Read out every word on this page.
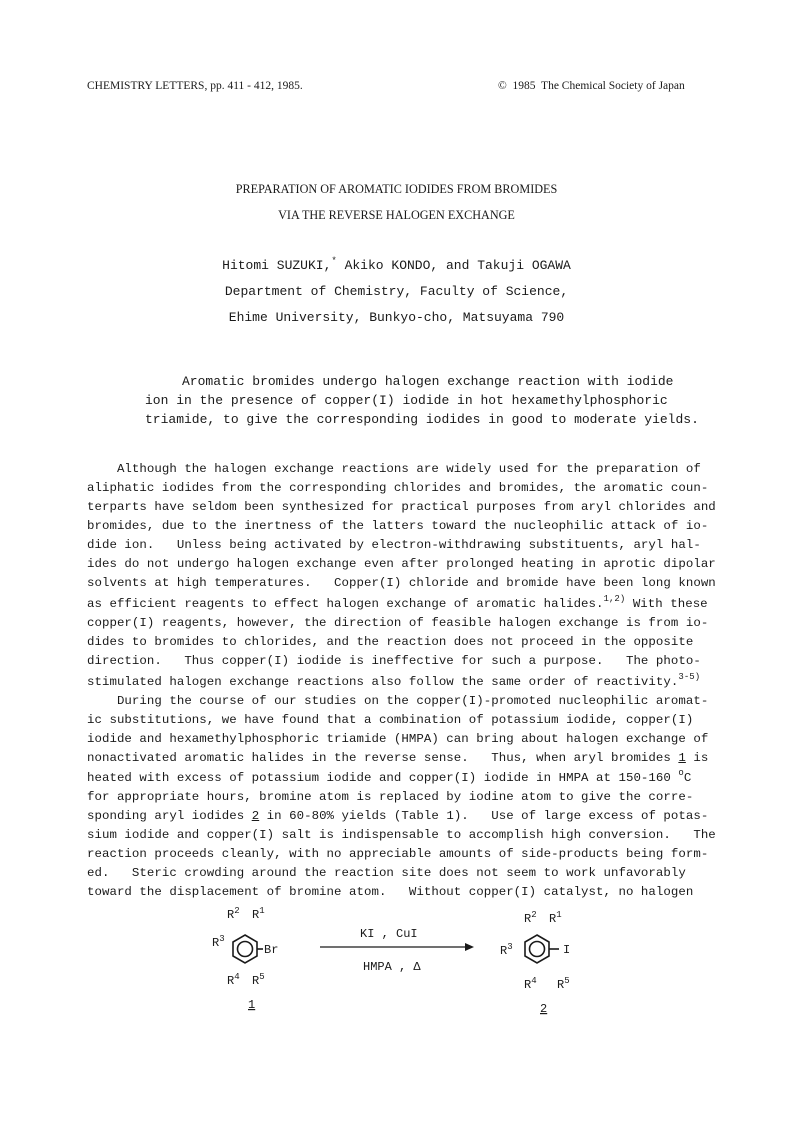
CHEMISTRY LETTERS, pp. 411 - 412, 1985.	© 1985  The Chemical Society of Japan
PREPARATION OF AROMATIC IODIDES FROM BROMIDES
VIA THE REVERSE HALOGEN EXCHANGE
Hitomi SUZUKI,* Akiko KONDO, and Takuji OGAWA
Department of Chemistry, Faculty of Science,
Ehime University, Bunkyo-cho, Matsuyama 790
Aromatic bromides undergo halogen exchange reaction with iodide
ion in the presence of copper(I) iodide in hot hexamethylphosphoric
triamide, to give the corresponding iodides in good to moderate yields.
Although the halogen exchange reactions are widely used for the preparation of
aliphatic iodides from the corresponding chlorides and bromides, the aromatic coun-
terparts have seldom been synthesized for practical purposes from aryl chlorides and
bromides, due to the inertness of the latters toward the nucleophilic attack of io-
dide ion.   Unless being activated by electron-withdrawing substituents, aryl hal-
ides do not undergo halogen exchange even after prolonged heating in aprotic dipolar
solvents at high temperatures.   Copper(I) chloride and bromide have been long known
as efficient reagents to effect halogen exchange of aromatic halides.$^{1,2)}$ With these
copper(I) reagents, however, the direction of feasible halogen exchange is from io-
dides to bromides to chlorides, and the reaction does not proceed in the opposite
direction.   Thus copper(I) iodide is ineffective for such a purpose.   The photo-
stimulated halogen exchange reactions also follow the same order of reactivity.$^{3-5)}$
During the course of our studies on the copper(I)-promoted nucleophilic aromat-
ic substitutions, we have found that a combination of potassium iodide, copper(I)
iodide and hexamethylphosphoric triamide (HMPA) can bring about halogen exchange of
nonactivated aromatic halides in the reverse sense.   Thus, when aryl bromides 1 is
heated with excess of potassium iodide and copper(I) iodide in HMPA at 150-160 $^o$C
for appropriate hours, bromine atom is replaced by iodine atom to give the corre-
sponding aryl iodides 2 in 60-80% yields (Table 1).   Use of large excess of potas-
sium iodide and copper(I) salt is indispensable to accomplish high conversion.   The
reaction proceeds cleanly, with no appreciable amounts of side-products being form-
ed.   Steric crowding around the reaction site does not seem to work unfavorably
toward the displacement of bromine atom.   Without copper(I) catalyst, no halogen
$R^2$ $R^1$
$R^3$
Br
$R^4$ $R^5$
1
KI , CuI
HMPA , Δ
$R^2$ $R^1$
$R^3$	I
$R^4$ $R^5$
2
